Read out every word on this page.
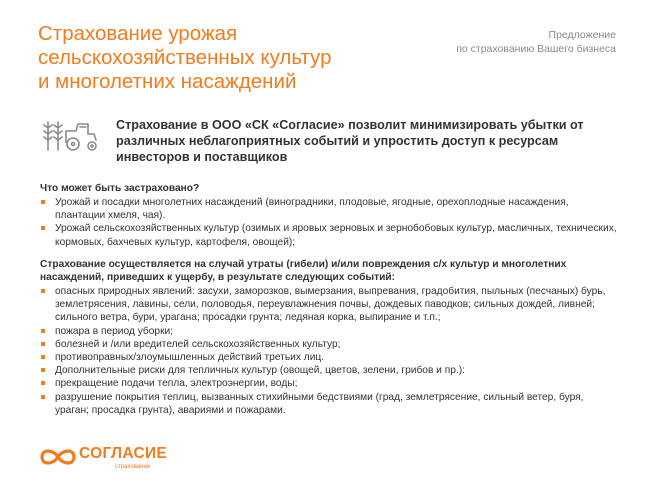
Страхование урожая
сельскохозяйственных культур
и многолетних насаждений
Предложение
по страхованию Вашего бизнеса
Страхование в ООО «СК «Согласие» позволит минимизировать убытки от различных неблагоприятных событий и упростить доступ к ресурсам инвесторов и поставщиков
Что может быть застраховано?
Урожай и посадки многолетних насаждений (виноградники, плодовые, ягодные, орехоплодные насаждения, плантации хмеля, чая).
Урожай сельскохозяйственных культур (озимых и яровых зерновых и зернобобовых культур, масличных, технических, кормовых, бахчевых культур, картофеля, овощей);
Страхование осуществляется на случай утраты (гибели) и/или повреждения с/х культур и многолетних насаждений, приведших к ущербу, в результате следующих событий:
опасных природных явлений: засухи, заморозков, вымерзания, выпревания, градобития, пыльных (песчаных) бурь, землетрясения, лавины, сели, половодья, переувлажнения почвы, дождевых паводков; сильных дождей, ливней; сильного ветра, бури, урагана; просадки грунта; ледяная корка, выпирание и т.п.;
пожара в период уборки;
болезней и /или вредителей сельскохозяйственных культур;
противоправных/злоумышленных действий третьих лиц.
Дополнительные риски для тепличных культур (овощей, цветов, зелени, грибов и пр.):
прекращение подачи тепла, электроэнергии, воды;
разрушение покрытия теплиц, вызванных стихийными бедствиями (град, землетрясение, сильный ветер, буря, ураган; просадка грунта), авариями и пожарами.
СОГЛАСИЕ
страхование
